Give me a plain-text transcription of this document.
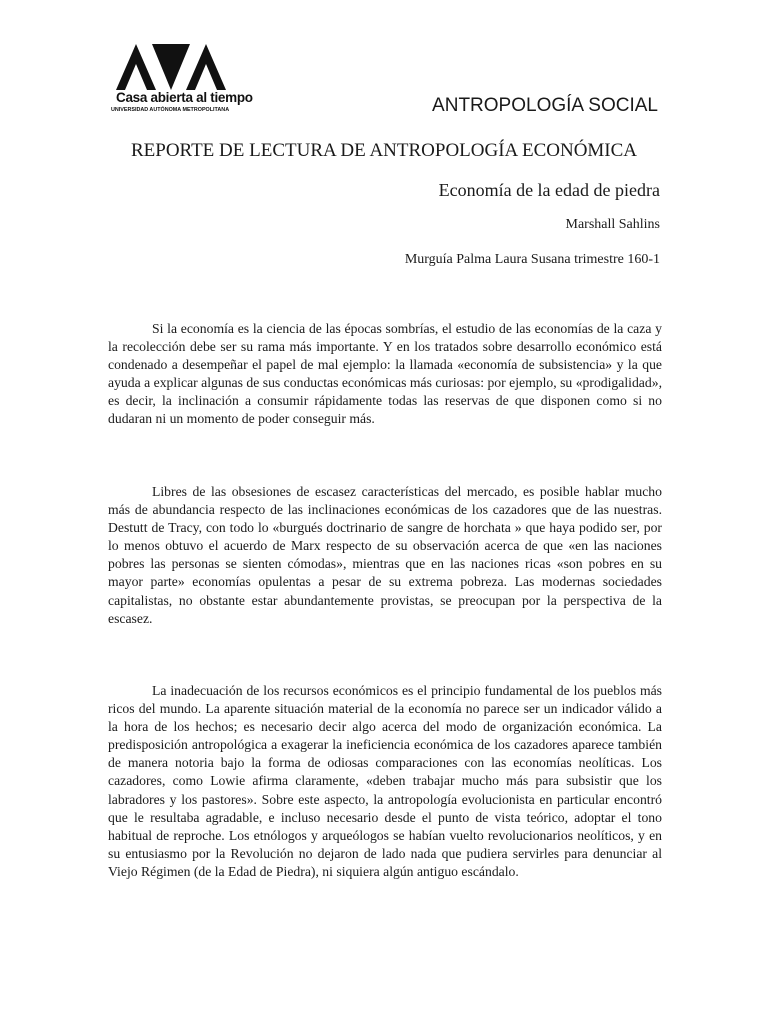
Casa abierta al tiempo
UNIVERSIDAD AUTÓNOMA METROPOLITANA	ANTROPOLOGÍA SOCIAL
REPORTE DE LECTURA DE ANTROPOLOGÍA ECONÓMICA
Economía de la edad de piedra
Marshall Sahlins
Murguía Palma Laura Susana trimestre 160-1

Si la economía es la ciencia de las épocas sombrías, el estudio de las economías de la caza y la recolección debe ser su rama más importante. Y en los tratados sobre desarrollo económico está condenado a desempeñar el papel de mal ejemplo: la llamada «economía de subsistencia» y la que ayuda a explicar algunas de sus conductas económicas más curiosas: por ejemplo, su «prodigalidad», es decir, la inclinación a consumir rápidamente todas las reservas de que disponen como si no dudaran ni un momento de poder conseguir más.

Libres de las obsesiones de escasez características del mercado, es posible hablar mucho más de abundancia respecto de las inclinaciones económicas de los cazadores que de las nuestras. Destutt de Tracy, con todo lo «burgués doctrinario de sangre de horchata » que haya podido ser, por lo menos obtuvo el acuerdo de Marx respecto de su observación acerca de que «en las naciones pobres las personas se sienten cómodas», mientras que en las naciones ricas «son pobres en su mayor parte» economías opulentas a pesar de su extrema pobreza. Las modernas sociedades capitalistas, no obstante estar abundantemente provistas, se preocupan por la perspectiva de la escasez.

La inadecuación de los recursos económicos es el principio fundamental de los pueblos más ricos del mundo. La aparente situación material de la economía no parece ser un indicador válido a la hora de los hechos; es necesario decir algo acerca del modo de organización económica. La predisposición antropológica a exagerar la ineficiencia económica de los cazadores aparece también de manera notoria bajo la forma de odiosas comparaciones con las economías neolíticas. Los cazadores, como Lowie afirma claramente, «deben trabajar mucho más para subsistir que los labradores y los pastores». Sobre este aspecto, la antropología evolucionista en particular encontró que le resultaba agradable, e incluso necesario desde el punto de vista teórico, adoptar el tono habitual de reproche. Los etnólogos y arqueólogos se habían vuelto revolucionarios neolíticos, y en su entusiasmo por la Revolución no dejaron de lado nada que pudiera servirles para denunciar al Viejo Régimen (de la Edad de Piedra), ni siquiera algún antiguo escándalo.
